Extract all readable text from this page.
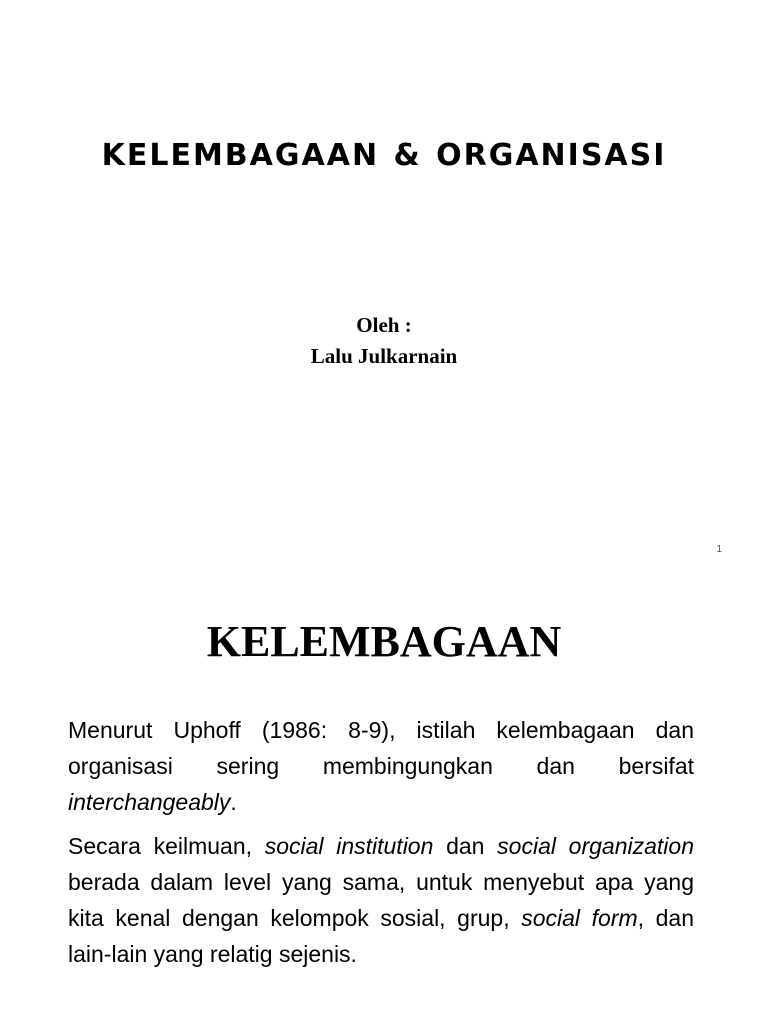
KELEMBAGAAN & ORGANISASI
Oleh :
Lalu Julkarnain
1
KELEMBAGAAN
Menurut Uphoff (1986: 8-9), istilah kelembagaan dan organisasi sering membingungkan dan bersifat interchangeably.
Secara keilmuan, social institution dan social organization berada dalam level yang sama, untuk menyebut apa yang kita kenal dengan kelompok sosial, grup, social form, dan lain-lain yang relatig sejenis.
